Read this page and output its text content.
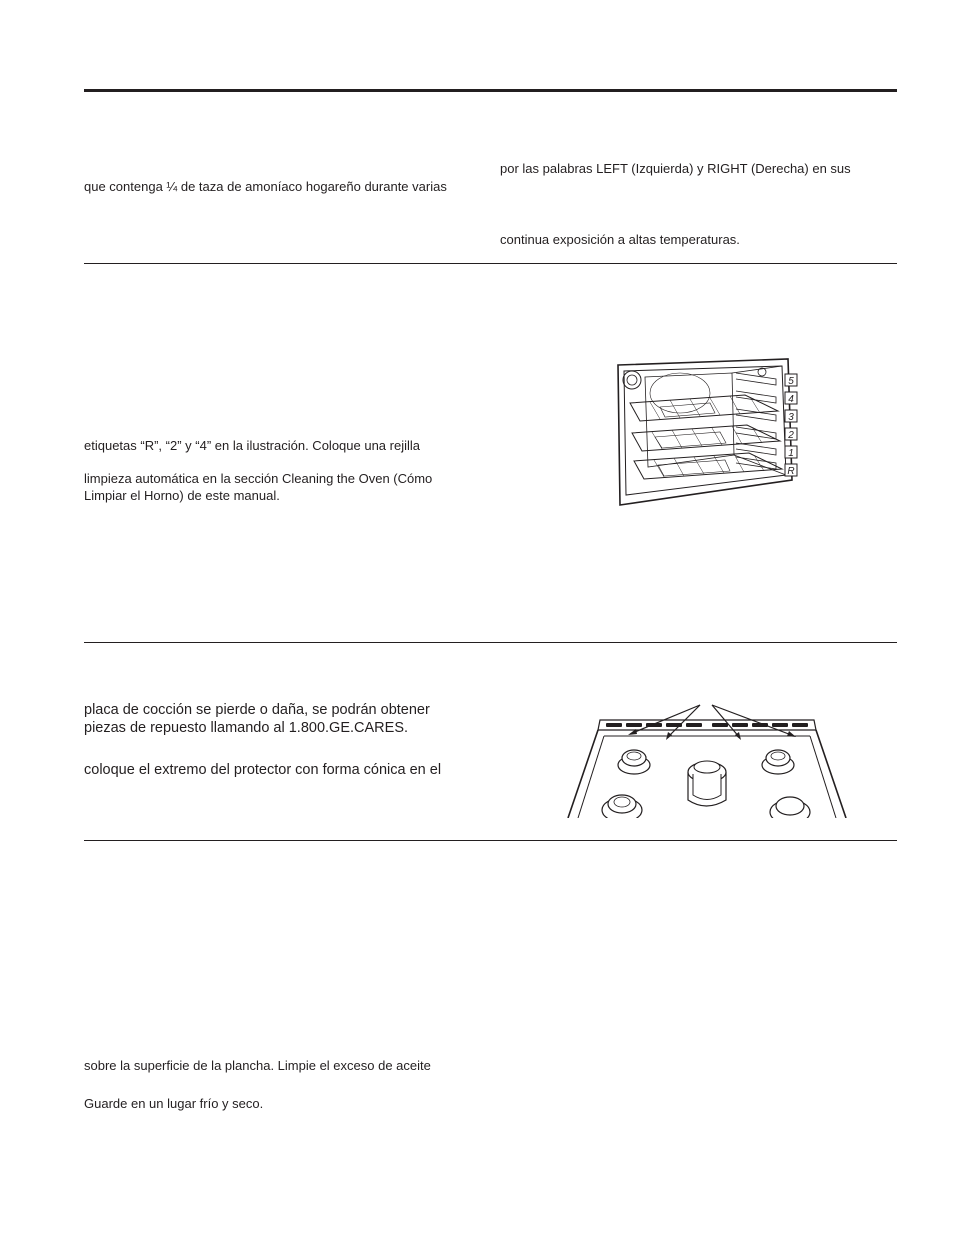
que contenga ¼ de taza de amoníaco hogareño durante varias
por las palabras LEFT (Izquierda) y RIGHT (Derecha) en sus
continua exposición a altas temperaturas.
etiquetas “R”, “2” y “4” en la ilustración. Coloque una rejilla
limpieza automática en la sección Cleaning the Oven (Cómo
Limpiar el Horno) de este manual.
5
4
3
2
1
R
placa de cocción se pierde o daña, se podrán obtener
piezas de repuesto llamando al 1.800.GE.CARES.
coloque el extremo del protector con forma cónica en el
sobre la superficie de la plancha. Limpie el exceso de aceite
Guarde en un lugar frío y seco.
